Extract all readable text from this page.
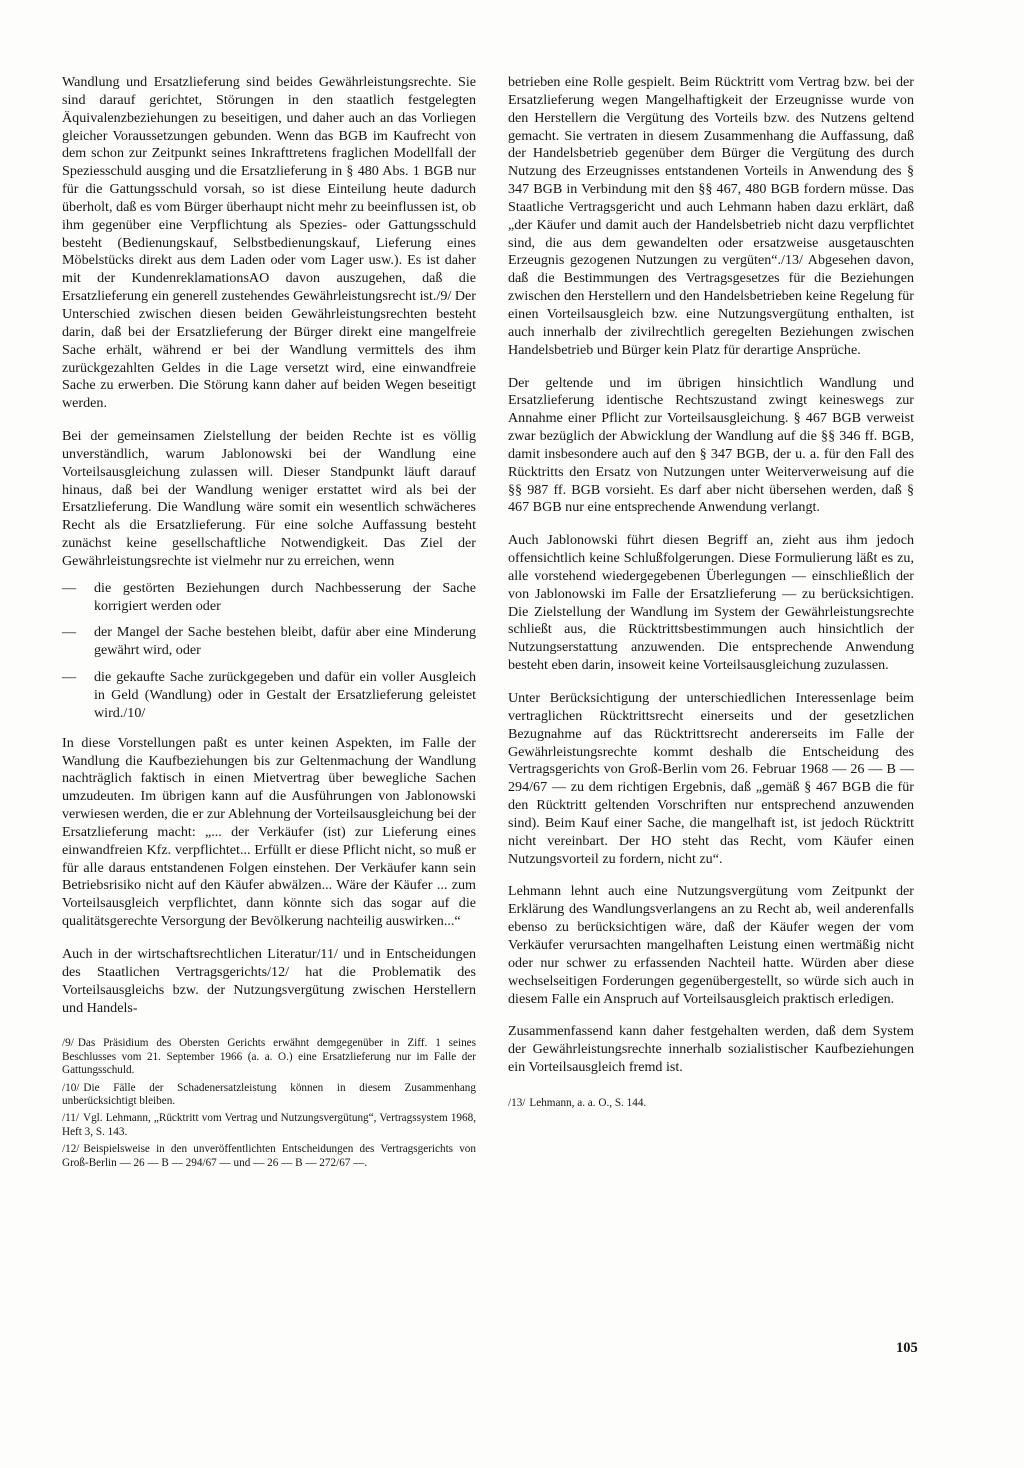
Wandlung und Ersatzlieferung sind beides Gewährleistungsrechte. Sie sind darauf gerichtet, Störungen in den staatlich festgelegten Äquivalenzbeziehungen zu beseitigen, und daher auch an das Vorliegen gleicher Voraussetzungen gebunden. Wenn das BGB im Kaufrecht von dem schon zur Zeitpunkt seines Inkrafttretens fraglichen Modellfall der Speziesschuld ausging und die Ersatzlieferung in § 480 Abs. 1 BGB nur für die Gattungsschuld vorsah, so ist diese Einteilung heute dadurch überholt, daß es vom Bürger überhaupt nicht mehr zu beeinflussen ist, ob ihm gegenüber eine Verpflichtung als Spezies- oder Gattungsschuld besteht (Bedienungskauf, Selbstbedienungskauf, Lieferung eines Möbelstücks direkt aus dem Laden oder vom Lager usw.). Es ist daher mit der KundenreklamationsAO davon auszugehen, daß die Ersatzlieferung ein generell zustehendes Gewährleistungsrecht ist./9/ Der Unterschied zwischen diesen beiden Gewährleistungsrechten besteht darin, daß bei der Ersatzlieferung der Bürger direkt eine mangelfreie Sache erhält, während er bei der Wandlung vermittels des ihm zurückgezahlten Geldes in die Lage versetzt wird, eine einwandfreie Sache zu erwerben. Die Störung kann daher auf beiden Wegen beseitigt werden.

Bei der gemeinsamen Zielstellung der beiden Rechte ist es völlig unverständlich, warum Jablonowski bei der Wandlung eine Vorteilsausgleichung zulassen will. Dieser Standpunkt läuft darauf hinaus, daß bei der Wandlung weniger erstattet wird als bei der Ersatzlieferung. Die Wandlung wäre somit ein wesentlich schwächeres Recht als die Ersatzlieferung. Für eine solche Auffassung besteht zunächst keine gesellschaftliche Notwendigkeit. Das Ziel der Gewährleistungsrechte ist vielmehr nur zu erreichen, wenn

— die gestörten Beziehungen durch Nachbesserung der Sache korrigiert werden oder
— der Mangel der Sache bestehen bleibt, dafür aber eine Minderung gewährt wird, oder
— die gekaufte Sache zurückgegeben und dafür ein voller Ausgleich in Geld (Wandlung) oder in Gestalt der Ersatzlieferung geleistet wird./10/

In diese Vorstellungen paßt es unter keinen Aspekten, im Falle der Wandlung die Kaufbeziehungen bis zur Geltenmachung der Wandlung nachträglich faktisch in einen Mietvertrag über bewegliche Sachen umzudeuten. Im übrigen kann auf die Ausführungen von Jablonowski verwiesen werden, die er zur Ablehnung der Vorteilsausgleichung bei der Ersatzlieferung macht: „... der Verkäufer (ist) zur Lieferung eines einwandfreien Kfz. verpflichtet... Erfüllt er diese Pflicht nicht, so muß er für alle daraus entstandenen Folgen einstehen. Der Verkäufer kann sein Betriebsrisiko nicht auf den Käufer abwälzen... Wäre der Käufer ... zum Vorteilsausgleich verpflichtet, dann könnte sich das sogar auf die qualitätsgerechte Versorgung der Bevölkerung nachteilig auswirken...“

Auch in der wirtschaftsrechtlichen Literatur/11/ und in Entscheidungen des Staatlichen Vertragsgerichts/12/ hat die Problematik des Vorteilsausgleichs bzw. der Nutzungsvergütung zwischen Herstellern und Handels-

/9/ Das Präsidium des Obersten Gerichts erwähnt demgegenüber in Ziff. 1 seines Beschlusses vom 21. September 1966 (a. a. O.) eine Ersatzlieferung nur im Falle der Gattungsschuld.

/10/ Die Fälle der Schadenersatzleistung können in diesem Zusammenhang unberücksichtigt bleiben.

/11/ Vgl. Lehmann, „Rücktritt vom Vertrag und Nutzungsvergütung“, Vertragssystem 1968, Heft 3, S. 143.

/12/ Beispielsweise in den unveröffentlichten Entscheidungen des Vertragsgerichts von Groß-Berlin — 26 — B — 294/67 — und — 26 — B — 272/67 —.

betrieben eine Rolle gespielt. Beim Rücktritt vom Vertrag bzw. bei der Ersatzlieferung wegen Mangelhaftigkeit der Erzeugnisse wurde von den Herstellern die Vergütung des Vorteils bzw. des Nutzens geltend gemacht. Sie vertraten in diesem Zusammenhang die Auffassung, daß der Handelsbetrieb gegenüber dem Bürger die Vergütung des durch Nutzung des Erzeugnisses entstandenen Vorteils in Anwendung des § 347 BGB in Verbindung mit den §§ 467, 480 BGB fordern müsse. Das Staatliche Vertragsgericht und auch Lehmann haben dazu erklärt, daß „der Käufer und damit auch der Handelsbetrieb nicht dazu verpflichtet sind, die aus dem gewandelten oder ersatzweise ausgetauschten Erzeugnis gezogenen Nutzungen zu vergüten“./13/ Abgesehen davon, daß die Bestimmungen des Vertragsgesetzes für die Beziehungen zwischen den Herstellern und den Handelsbetrieben keine Regelung für einen Vorteilsausgleich bzw. eine Nutzungsvergütung enthalten, ist auch innerhalb der zivilrechtlich geregelten Beziehungen zwischen Handelsbetrieb und Bürger kein Platz für derartige Ansprüche.

Der geltende und im übrigen hinsichtlich Wandlung und Ersatzlieferung identische Rechtszustand zwingt keineswegs zur Annahme einer Pflicht zur Vorteilsausgleichung. § 467 BGB verweist zwar bezüglich der Abwicklung der Wandlung auf die §§ 346 ff. BGB, damit insbesondere auch auf den § 347 BGB, der u. a. für den Fall des Rücktritts den Ersatz von Nutzungen unter Weiterverweisung auf die §§ 987 ff. BGB vorsieht. Es darf aber nicht übersehen werden, daß § 467 BGB nur eine entsprechende Anwendung verlangt.

Auch Jablonowski führt diesen Begriff an, zieht aus ihm jedoch offensichtlich keine Schlußfolgerungen. Diese Formulierung läßt es zu, alle vorstehend wiedergegebenen Überlegungen — einschließlich der von Jablonowski im Falle der Ersatzlieferung — zu berücksichtigen. Die Zielstellung der Wandlung im System der Gewährleistungsrechte schließt aus, die Rücktrittsbestimmungen auch hinsichtlich der Nutzungserstattung anzuwenden. Die entsprechende Anwendung besteht eben darin, insoweit keine Vorteilsausgleichung zuzulassen.

Unter Berücksichtigung der unterschiedlichen Interessenlage beim vertraglichen Rücktrittsrecht einerseits und der gesetzlichen Bezugnahme auf das Rücktrittsrecht andererseits im Falle der Gewährleistungsrechte kommt deshalb die Entscheidung des Vertragsgerichts von Groß-Berlin vom 26. Februar 1968 — 26 — B — 294/67 — zu dem richtigen Ergebnis, daß „gemäß § 467 BGB die für den Rücktritt geltenden Vorschriften nur entsprechend anzuwenden sind). Beim Kauf einer Sache, die mangelhaft ist, ist jedoch Rücktritt nicht vereinbart. Der HO steht das Recht, vom Käufer einen Nutzungsvorteil zu fordern, nicht zu“.

Lehmann lehnt auch eine Nutzungsvergütung vom Zeitpunkt der Erklärung des Wandlungsverlangens an zu Recht ab, weil anderenfalls ebenso zu berücksichtigen wäre, daß der Käufer wegen der vom Verkäufer verursachten mangelhaften Leistung einen wertmäßig nicht oder nur schwer zu erfassenden Nachteil hatte. Würden aber diese wechselseitigen Forderungen gegenübergestellt, so würde sich auch in diesem Falle ein Anspruch auf Vorteilsausgleich praktisch erledigen.

Zusammenfassend kann daher festgehalten werden, daß dem System der Gewährleistungsrechte innerhalb sozialistischer Kaufbeziehungen ein Vorteilsausgleich fremd ist.

/13/ Lehmann, a. a. O., S. 144.

105
